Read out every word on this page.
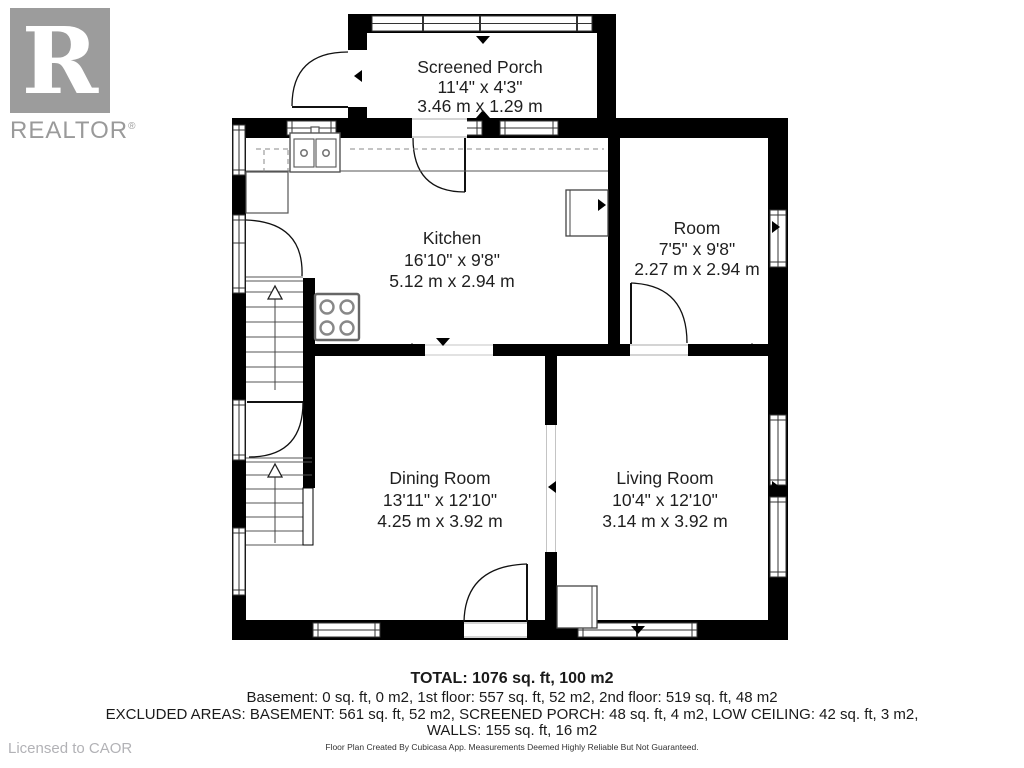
R
REALTOR®
Screened Porch
11'4" x 4'3"
3.46 m x 1.29 m
Kitchen
16'10" x 9'8"
5.12 m x 2.94 m
Room
7'5" x 9'8"
2.27 m x 2.94 m
Dining Room
13'11" x 12'10"
4.25 m x 3.92 m
Living Room
10'4" x 12'10"
3.14 m x 3.92 m
TOTAL: 1076 sq. ft, 100 m2
Basement: 0 sq. ft, 0 m2, 1st floor: 557 sq. ft, 52 m2, 2nd floor: 519 sq. ft, 48 m2
EXCLUDED AREAS: BASEMENT: 561 sq. ft, 52 m2, SCREENED PORCH: 48 sq. ft, 4 m2, LOW CEILING: 42 sq. ft, 3 m2,
WALLS: 155 sq. ft, 16 m2
Floor Plan Created By Cubicasa App. Measurements Deemed Highly Reliable But Not Guaranteed.
Licensed to CAOR
